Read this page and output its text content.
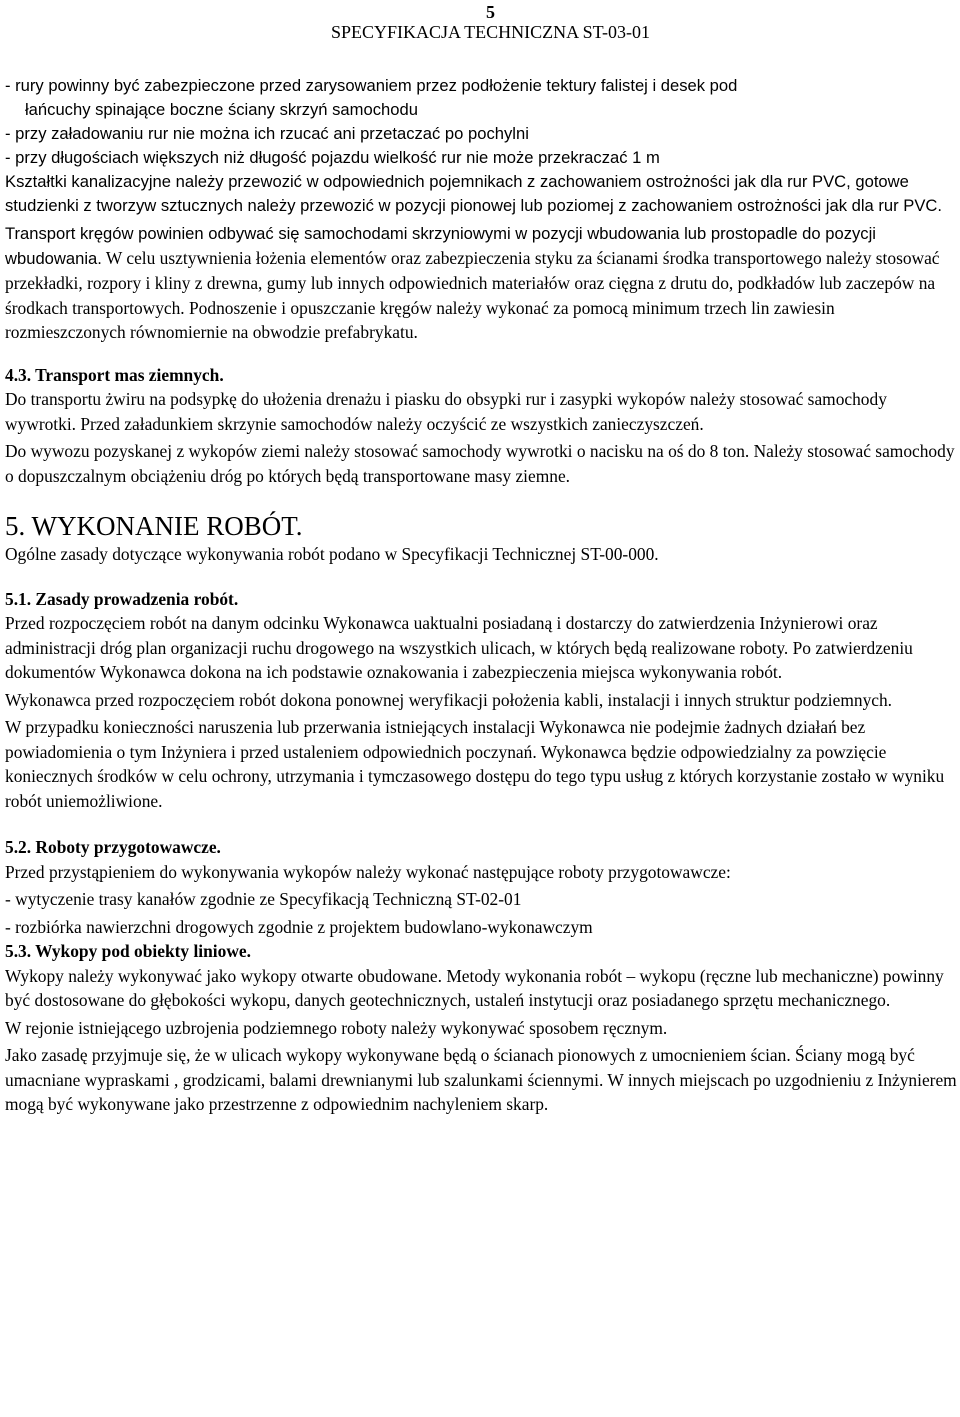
5
SPECYFIKACJA TECHNICZNA ST-03-01

- rury powinny być zabezpieczone przed zarysowaniem przez podłożenie tektury falistej i desek pod

łańcuchy spinające boczne ściany skrzyń samochodu

- przy załadowaniu rur nie można ich rzucać ani przetaczać po pochylni

- przy długościach większych niż długość pojazdu wielkość rur nie może przekraczać 1 m

Kształtki kanalizacyjne należy przewozić w odpowiednich pojemnikach z zachowaniem ostrożności jak dla rur PVC, gotowe studzienki z tworzyw sztucznych należy przewozić w pozycji pionowej lub poziomej z zachowaniem ostrożności jak dla rur PVC.

Transport kręgów powinien odbywać się samochodami skrzyniowymi w pozycji wbudowania lub prostopadle do pozycji wbudowania. W celu usztywnienia łożenia elementów oraz zabezpieczenia styku za ścianami środka transportowego należy stosować przekładki, rozpory i kliny z drewna, gumy lub innych odpowiednich materiałów oraz cięgna z drutu do, podkładów lub zaczepów na środkach transportowych. Podnoszenie i opuszczanie kręgów należy wykonać za pomocą minimum trzech lin zawiesin rozmieszczonych równomiernie na obwodzie prefabrykatu.

4.3. Transport mas ziemnych.

Do transportu żwiru na podsypkę do ułożenia drenażu i piasku do obsypki rur i zasypki wykopów należy stosować samochody wywrotki. Przed załadunkiem skrzynie samochodów należy oczyścić ze wszystkich zanieczyszczeń.

Do wywozu pozyskanej z wykopów ziemi należy stosować samochody wywrotki o nacisku na oś do 8 ton. Należy stosować samochody o dopuszczalnym obciążeniu dróg po których będą transportowane masy ziemne.

5. WYKONANIE ROBÓT.

Ogólne zasady dotyczące wykonywania robót podano w Specyfikacji Technicznej ST-00-000.

5.1. Zasady prowadzenia robót.

Przed rozpoczęciem robót na danym odcinku Wykonawca uaktualni posiadaną i dostarczy do zatwierdzenia Inżynierowi oraz administracji dróg plan organizacji ruchu drogowego na wszystkich ulicach, w których będą realizowane roboty. Po zatwierdzeniu dokumentów Wykonawca dokona na ich podstawie oznakowania i zabezpieczenia miejsca wykonywania robót.

Wykonawca przed rozpoczęciem robót dokona ponownej weryfikacji położenia kabli, instalacji i innych struktur podziemnych.

W przypadku konieczności naruszenia lub przerwania istniejących instalacji Wykonawca nie podejmie żadnych działań bez powiadomienia o tym Inżyniera i przed ustaleniem odpowiednich poczynań. Wykonawca będzie odpowiedzialny za powzięcie koniecznych środków w celu ochrony, utrzymania i tymczasowego dostępu do tego typu usług z których korzystanie zostało w wyniku robót uniemożliwione.

5.2. Roboty przygotowawcze.

Przed przystąpieniem do wykonywania wykopów należy wykonać następujące roboty przygotowawcze:

- wytyczenie trasy kanałów zgodnie ze Specyfikacją Techniczną ST-02-01

- rozbiórka nawierzchni drogowych zgodnie z projektem budowlano-wykonawczym

5.3. Wykopy pod obiekty liniowe.

Wykopy należy wykonywać jako wykopy otwarte obudowane. Metody wykonania robót – wykopu (ręczne lub mechaniczne) powinny być dostosowane do głębokości wykopu, danych geotechnicznych, ustaleń instytucji oraz posiadanego sprzętu mechanicznego.

W rejonie istniejącego uzbrojenia podziemnego roboty należy wykonywać sposobem ręcznym.

Jako zasadę przyjmuje się, że w ulicach wykopy wykonywane będą o ścianach pionowych z umocnieniem ścian. Ściany mogą być umacniane wypraskami , grodzicami, balami drewnianymi lub szalunkami ściennymi. W innych miejscach po uzgodnieniu z Inżynierem mogą być wykonywane jako przestrzenne z odpowiednim nachyleniem skarp.
